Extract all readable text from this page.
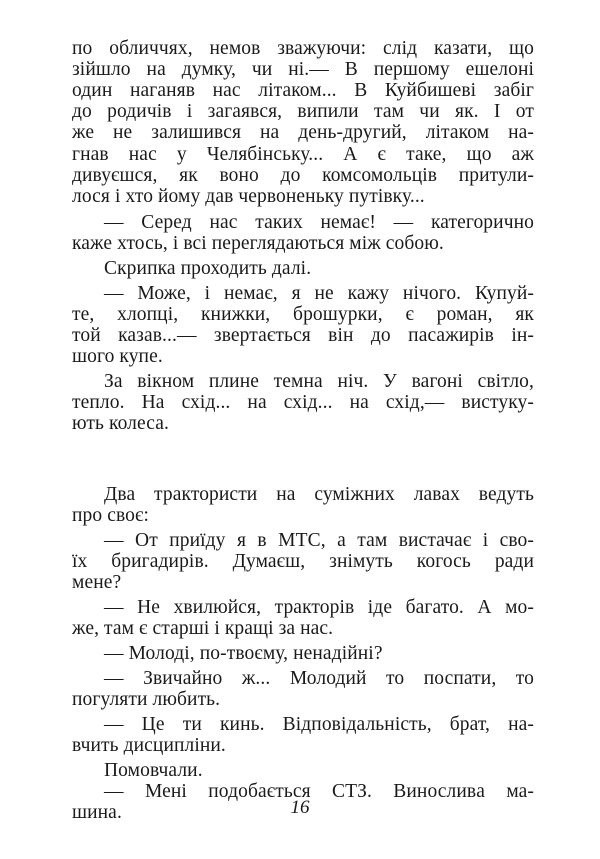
по обличчях, немов зважуючи: слід казати, що
зійшло на думку, чи ні.— В першому ешелоні
один наганяв нас літаком... В Куйбишеві забіг
до родичів і загаявся, випили там чи як. І от
же не залишився на день-другий, літаком на-
гнав нас у Челябінську... А є таке, що аж
дивуєшся, як воно до комсомольців притули-
лося і хто йому дав червоненьку путівку...
— Серед нас таких немає! — категорично
каже хтось, і всі переглядаються між собою.
Скрипка проходить далі.
— Може, і немає, я не кажу нічого. Купуй-
те, хлопці, книжки, брошурки, є роман, як
той казав...— звертається він до пасажирів ін-
шого купе.
За вікном плине темна ніч. У вагоні світло,
тепло. На схід... на схід... на схід,— вистуку-
ють колеса.
Два трактористи на суміжних лавах ведуть
про своє:
— От приїду я в МТС, а там вистачає і сво-
їх бригадирів. Думаєш, знімуть когось ради
мене?
— Не хвилюйся, тракторів іде багато. А мо-
же, там є старші і кращі за нас.
— Молоді, по-твоєму, ненадійні?
— Звичайно ж... Молодий то поспати, то
погуляти любить.
— Це ти кинь. Відповідальність, брат, на-
вчить дисципліни.
Помовчали.
— Мені подобається СТЗ. Виносливa ма-
шина.	16
